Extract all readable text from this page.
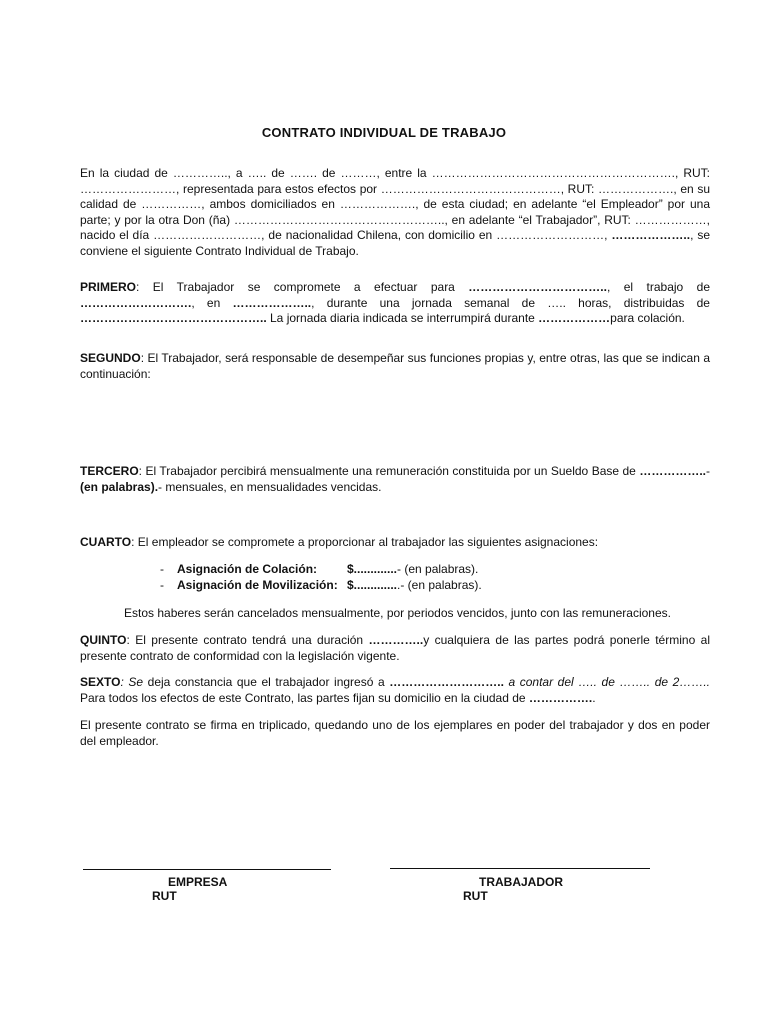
CONTRATO INDIVIDUAL DE TRABAJO
En la ciudad de ………….., a ….. de ……. de ………, entre la ……………………………………………………., RUT: ……………………, representada para estos efectos por ………………………………………, RUT: ………………., en su calidad de ……………, ambos domiciliados en ………………., de esta ciudad; en adelante “el Empleador” por una parte; y por la otra Don (ña) …………………………………………….., en adelante “el Trabajador”, RUT: ………………, nacido el día ………………………, de nacionalidad Chilena, con domicilio en ………………………, ……………….., se conviene el siguiente Contrato Individual de Trabajo.
PRIMERO: El Trabajador se compromete a efectuar para …………………………….., el trabajo de ………………………., en ……………….., durante una jornada semanal de ….. horas, distribuidas de ……………………………………….. La jornada diaria indicada se interrumpirá durante ………………para colación.
SEGUNDO: El Trabajador, será responsable de desempeñar sus funciones propias y, entre otras, las que se indican a continuación:
TERCERO: El Trabajador percibirá mensualmente una remuneración constituida por un Sueldo Base de ……………..- (en palabras).- mensuales, en mensualidades vencidas.
CUARTO: El empleador se compromete a proporcionar al trabajador las siguientes asignaciones:
-	Asignación de Colación:	$............. - (en palabras).
-	Asignación de Movilización: $............. .- (en palabras).
Estos haberes serán cancelados mensualmente, por periodos vencidos, junto con las remuneraciones.
QUINTO: El presente contrato tendrá una duración …………..y cualquiera de las partes podrá ponerle término al presente contrato de conformidad con la legislación vigente.
SEXTO: Se deja constancia que el trabajador ingresó a ……………………….. a contar del ….. de …….. de 2…….. Para todos los efectos de este Contrato, las partes fijan su domicilio en la ciudad de ……………..
El presente contrato se firma en triplicado, quedando uno de los ejemplares en poder del trabajador y dos en poder del empleador.
EMPRESA
RUT
TRABAJADOR
RUT
